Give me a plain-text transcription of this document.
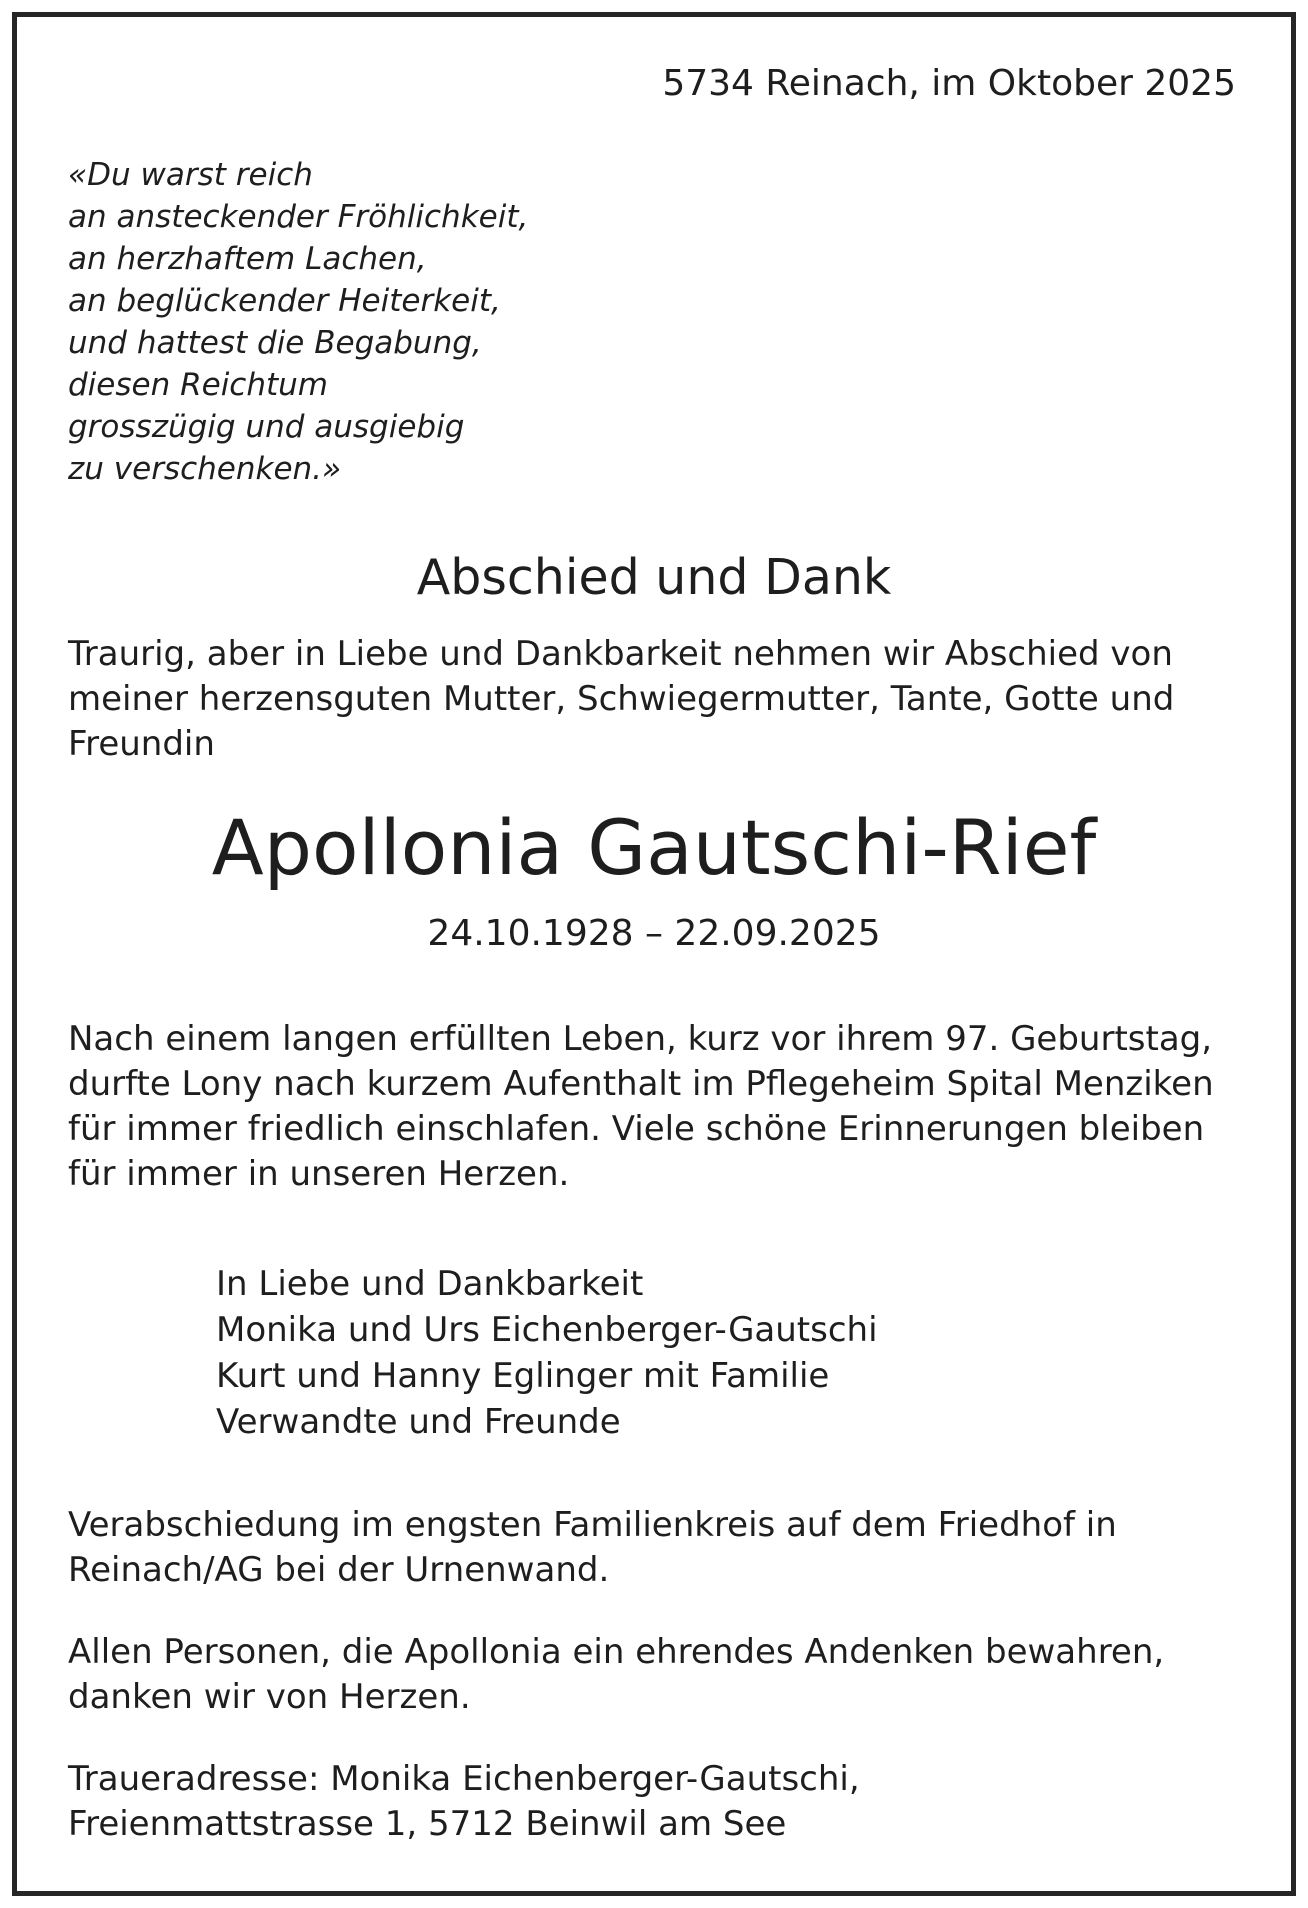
5734 Reinach, im Oktober 2025

«Du warst reich
an ansteckender Fröhlichkeit,
an herzhaftem Lachen,
an beglückender Heiterkeit,
und hattest die Begabung,
diesen Reichtum
grosszügig und ausgiebig
zu verschenken.»
Abschied und Dank
Traurig, aber in Liebe und Dankbarkeit nehmen wir Abschied von
meiner herzensguten Mutter, Schwiegermutter, Tante, Gotte und
Freundin
Apollonia Gautschi-Rief

24.10.1928 – 22.09.2025

Nach einem langen erfüllten Leben, kurz vor ihrem 97. Geburtstag,
durfte Lony nach kurzem Aufenthalt im Pflegeheim Spital Menziken
für immer friedlich einschlafen. Viele schöne Erinnerungen bleiben
für immer in unseren Herzen.
In Liebe und Dankbarkeit
Monika und Urs Eichenberger-Gautschi
Kurt und Hanny Eglinger mit Familie
Verwandte und Freunde
Verabschiedung im engsten Familienkreis auf dem Friedhof in
Reinach/AG bei der Urnenwand.
Allen Personen, die Apollonia ein ehrendes Andenken bewahren,
danken wir von Herzen.
Traueradresse: Monika Eichenberger-Gautschi,
Freienmattstrasse 1, 5712 Beinwil am See
